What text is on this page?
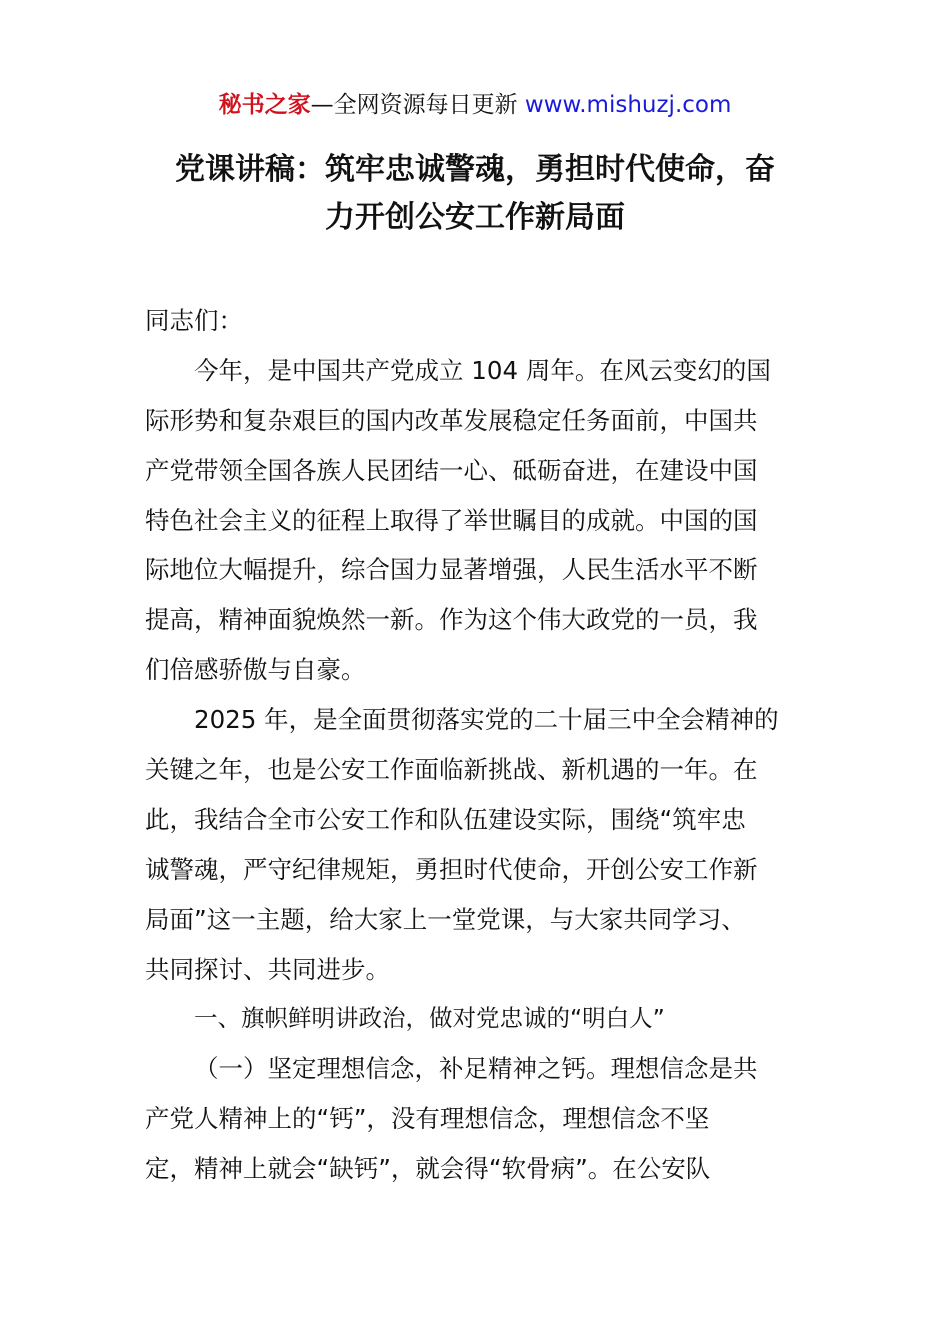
秘书之家—全网资源每日更新 www.mishuzj.com
党课讲稿：筑牢忠诚警魂，勇担时代使命，奋
力开创公安工作新局面
同志们：
今年，是中国共产党成立 104 周年。在风云变幻的国
际形势和复杂艰巨的国内改革发展稳定任务面前，中国共
产党带领全国各族人民团结一心、砥砺奋进，在建设中国
特色社会主义的征程上取得了举世瞩目的成就。中国的国
际地位大幅提升，综合国力显著增强，人民生活水平不断
提高，精神面貌焕然一新。作为这个伟大政党的一员，我
们倍感骄傲与自豪。
2025 年，是全面贯彻落实党的二十届三中全会精神的
关键之年，也是公安工作面临新挑战、新机遇的一年。在
此，我结合全市公安工作和队伍建设实际，围绕“筑牢忠
诚警魂，严守纪律规矩，勇担时代使命，开创公安工作新
局面”这一主题，给大家上一堂党课，与大家共同学习、
共同探讨、共同进步。
一、旗帜鲜明讲政治，做对党忠诚的“明白人”
（一）坚定理想信念，补足精神之钙。理想信念是共
产党人精神上的“钙”，没有理想信念，理想信念不坚
定，精神上就会“缺钙”，就会得“软骨病”。在公安队
